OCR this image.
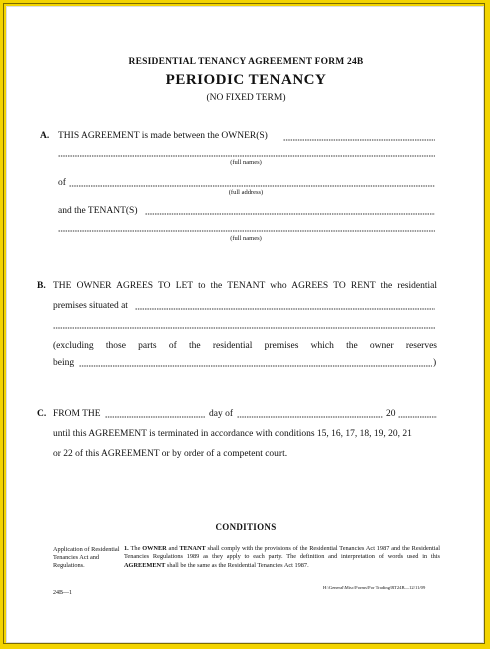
RESIDENTIAL TENANCY AGREEMENT FORM 24B
PERIODIC TENANCY
(NO FIXED TERM)
A. THIS AGREEMENT is made between the OWNER(S)
(full names)
of
(full address)
and the TENANT(S)
(full names)
B. THE OWNER AGREES TO LET to the TENANT who AGREES TO RENT the residential
premises situated at
(excluding those parts of the residential premises which the owner reserves
being	)
C. FROM THE	day of	20
until this AGREEMENT is terminated in accordance with conditions 15, 16, 17, 18, 19, 20, 21
or 22 of this AGREEMENT or by order of a competent court.
CONDITIONS
Application of Residential Tenancies Act and Regulations.
1. The OWNER and TENANT shall comply with the provisions of the Residential Tenancies Act 1987 and the Residential Tenancies Regulations 1989 as they apply to each party. The definition and interpretation of words used in this AGREEMENT shall be the same as the Residential Tenancies Act 1987.
24B—1
H:\General\Misc\Forms\For Trading\RT24B—12/11/09
